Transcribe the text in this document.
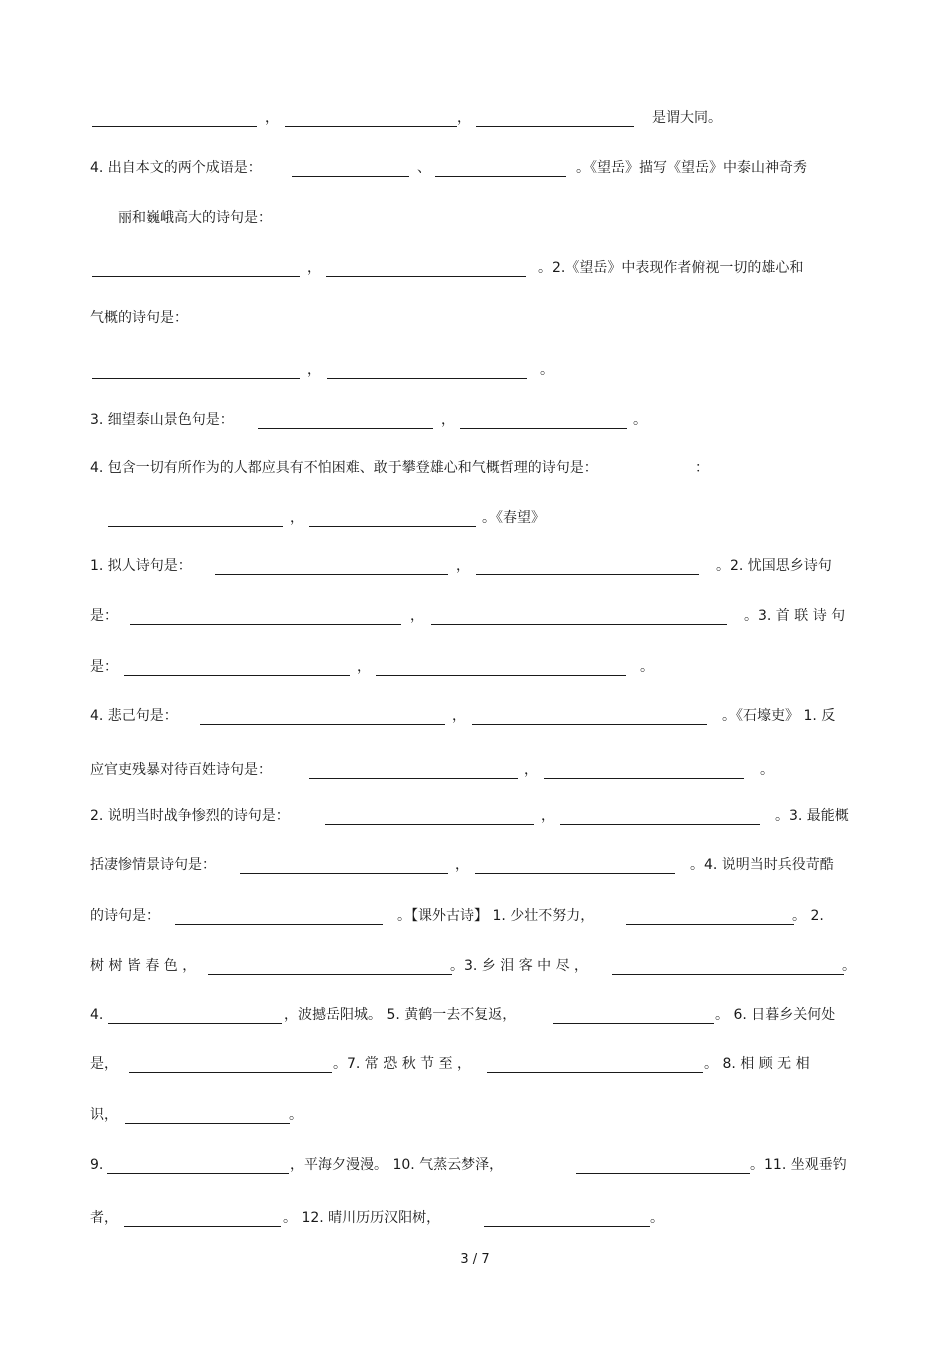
，	，	是谓大同。
4. 出自本文的两个成语是：	、	。《望岳》描写《望岳》中泰山神奇秀
丽和巍峨高大的诗句是：
，	。2.《望岳》中表现作者俯视一切的雄心和
气概的诗句是：
，	。
3. 细望泰山景色句是：	，	。
4. 包含一切有所作为的人都应具有不怕困难、敢于攀登雄心和气概哲理的诗句是：	：
，	。《春望》
1. 拟人诗句是：	，	。2. 忧国思乡诗句
是：	，	。3. 首 联 诗 句
是：	，	。
4. 悲己句是：	，	。《石壕吏》 1. 反
应官吏残暴对待百姓诗句是：	，	。
2. 说明当时战争惨烈的诗句是：	，	。3. 最能概
括凄惨情景诗句是：	，	。4. 说明当时兵役苛酷
的诗句是：	。【课外古诗】 1. 少壮不努力，	。 2.
树 树 皆 春 色 ，	。3. 乡 泪 客 中 尽 ，	。
4.	，波撼岳阳城。 5. 黄鹤一去不复返，	。 6. 日暮乡关何处
是，	。7. 常 恐 秋 节 至 ，	。 8. 相 顾 无 相
识，	。
9.	，平海夕漫漫。 10. 气蒸云梦泽，	。11. 坐观垂钓
者，	。 12. 晴川历历汉阳树，	。
3 / 7
